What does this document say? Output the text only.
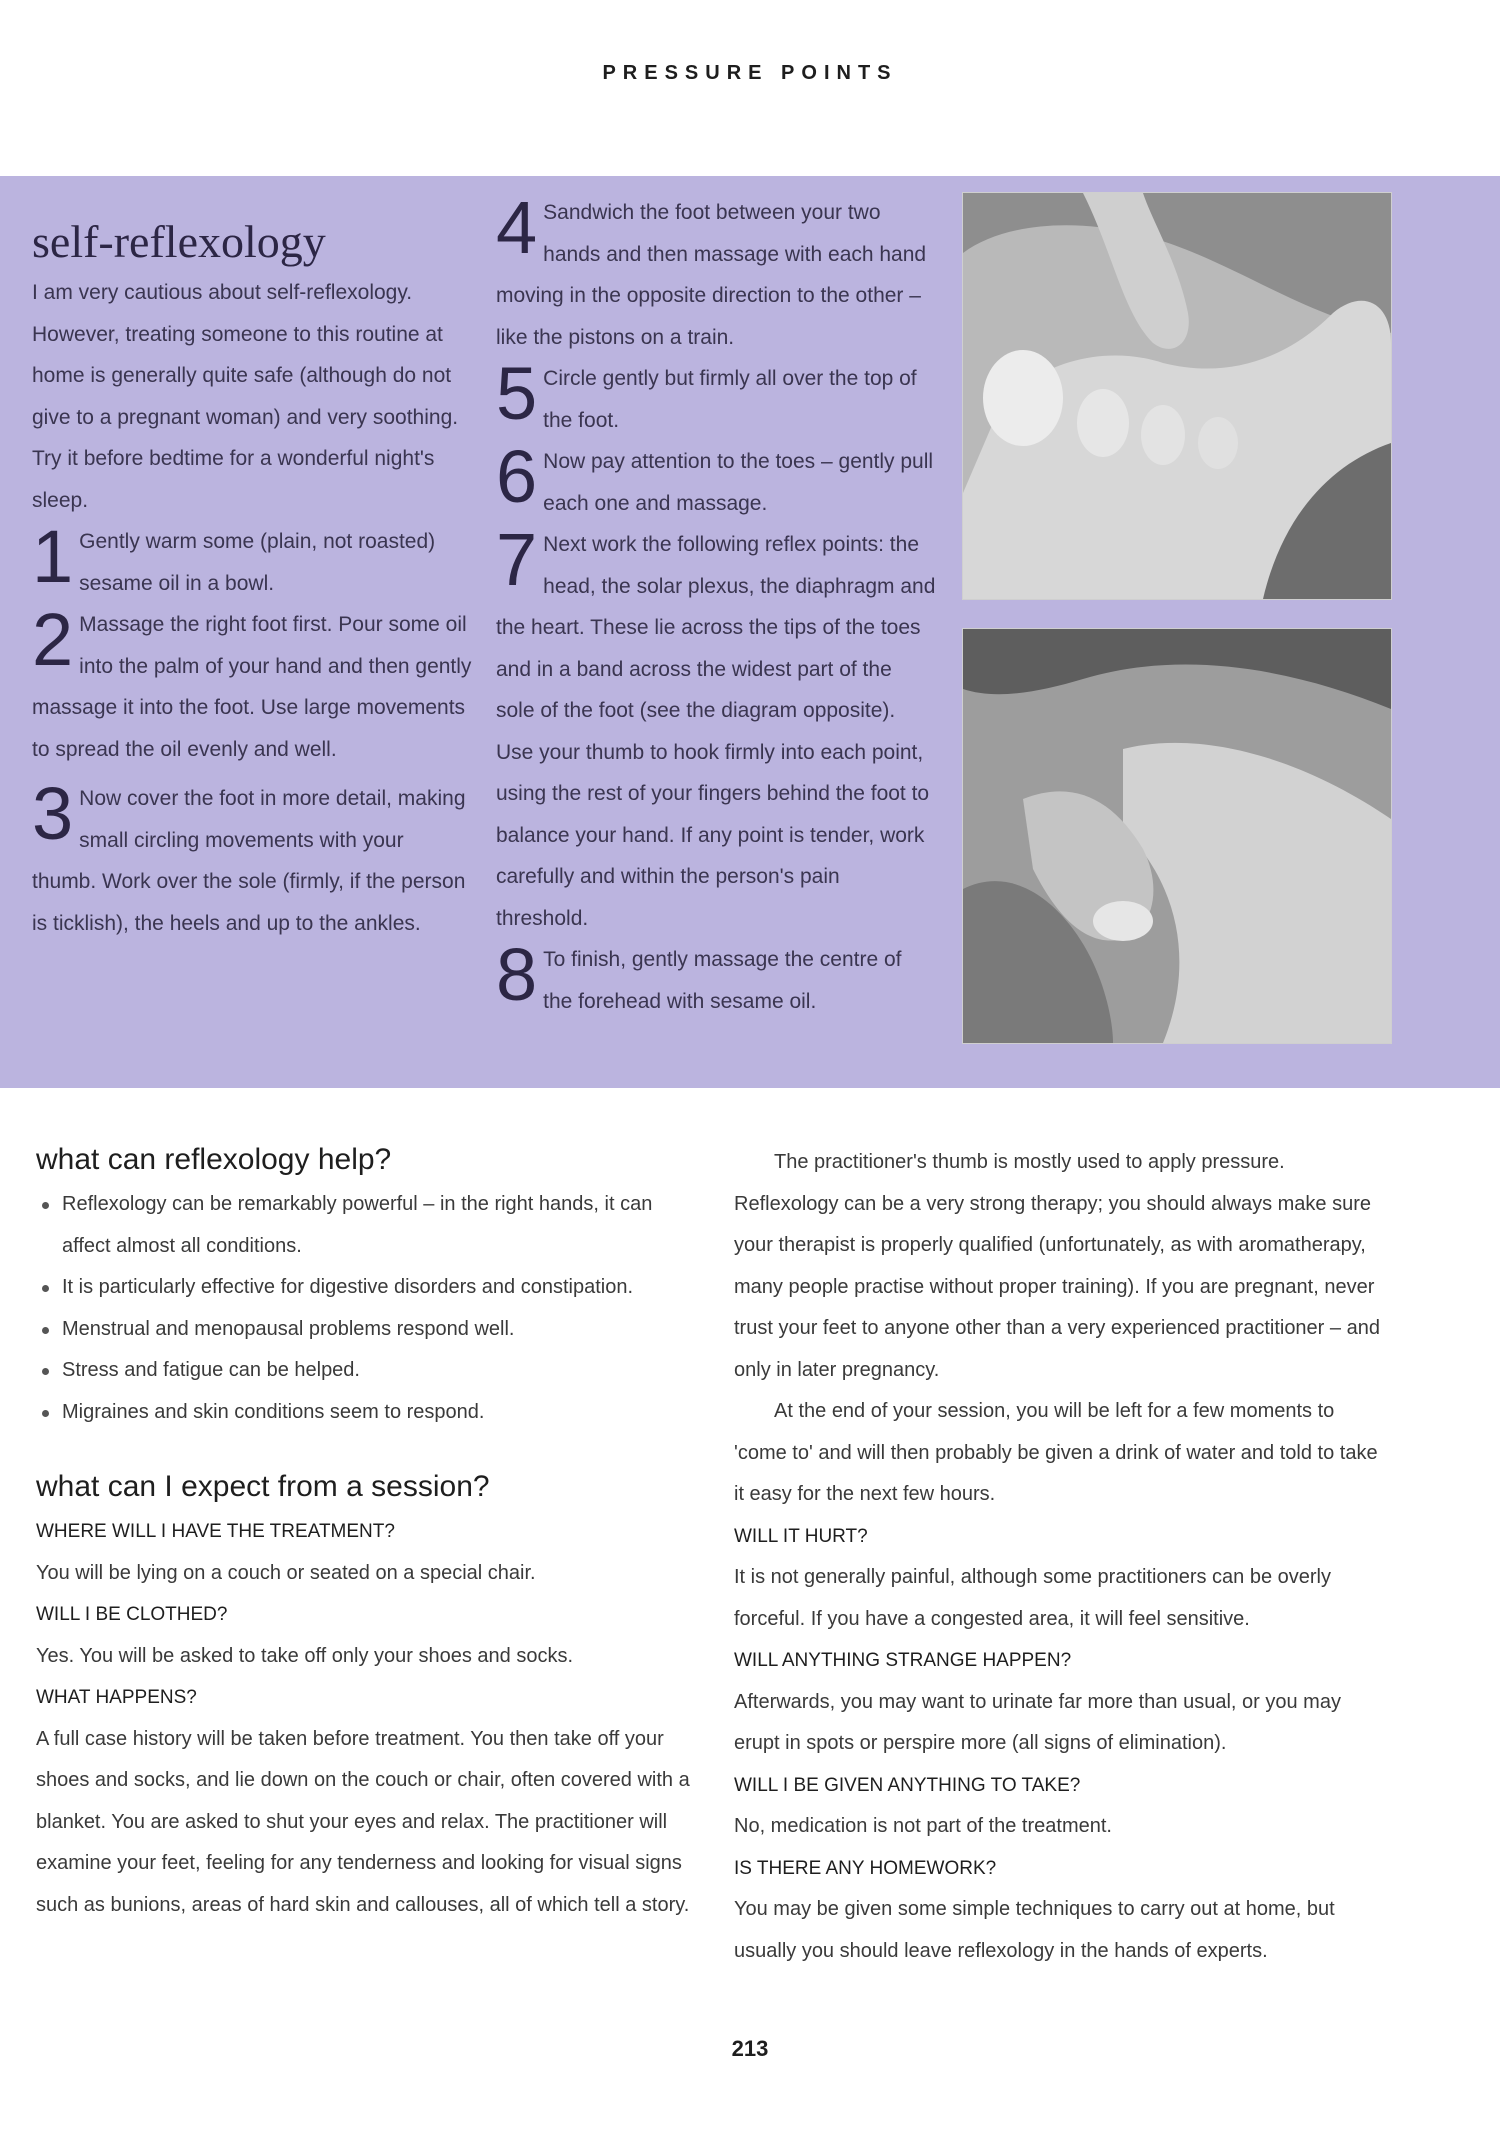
PRESSURE POINTS
self-reflexology

I am very cautious about self-reflexology. However, treating someone to this routine at home is generally quite safe (although do not give to a pregnant woman) and very soothing. Try it before bedtime for a wonderful night's sleep.

1 Gently warm some (plain, not roasted) sesame oil in a bowl.
2 Massage the right foot first. Pour some oil into the palm of your hand and then gently massage it into the foot. Use large movements to spread the oil evenly and well.
3 Now cover the foot in more detail, making small circling movements with your thumb. Work over the sole (firmly, if the person is ticklish), the heels and up to the ankles.
4 Sandwich the foot between your two hands and then massage with each hand moving in the opposite direction to the other – like the pistons on a train.
5 Circle gently but firmly all over the top of the foot.
6 Now pay attention to the toes – gently pull each one and massage.
7 Next work the following reflex points: the head, the solar plexus, the diaphragm and the heart. These lie across the tips of the toes and in a band across the widest part of the sole of the foot (see the diagram opposite). Use your thumb to hook firmly into each point, using the rest of your fingers behind the foot to balance your hand. If any point is tender, work carefully and within the person's pain threshold.
8 To finish, gently massage the centre of the forehead with sesame oil.
what can reflexology help?
Reflexology can be remarkably powerful – in the right hands, it can affect almost all conditions.
It is particularly effective for digestive disorders and constipation.
Menstrual and menopausal problems respond well.
Stress and fatigue can be helped.
Migraines and skin conditions seem to respond.
what can I expect from a session?

WHERE WILL I HAVE THE TREATMENT?

You will be lying on a couch or seated on a special chair.

WILL I BE CLOTHED?

Yes. You will be asked to take off only your shoes and socks.

WHAT HAPPENS?

A full case history will be taken before treatment. You then take off your shoes and socks, and lie down on the couch or chair, often covered with a blanket. You are asked to shut your eyes and relax. The practitioner will examine your feet, feeling for any tenderness and looking for visual signs such as bunions, areas of hard skin and callouses, all of which tell a story.

The practitioner's thumb is mostly used to apply pressure. Reflexology can be a very strong therapy; you should always make sure your therapist is properly qualified (unfortunately, as with aromatherapy, many people practise without proper training). If you are pregnant, never trust your feet to anyone other than a very experienced practitioner – and only in later pregnancy.

At the end of your session, you will be left for a few moments to 'come to' and will then probably be given a drink of water and told to take it easy for the next few hours.

WILL IT HURT?

It is not generally painful, although some practitioners can be overly forceful. If you have a congested area, it will feel sensitive.

WILL ANYTHING STRANGE HAPPEN?

Afterwards, you may want to urinate far more than usual, or you may erupt in spots or perspire more (all signs of elimination).

WILL I BE GIVEN ANYTHING TO TAKE?

No, medication is not part of the treatment.

IS THERE ANY HOMEWORK?

You may be given some simple techniques to carry out at home, but usually you should leave reflexology in the hands of experts.

213
